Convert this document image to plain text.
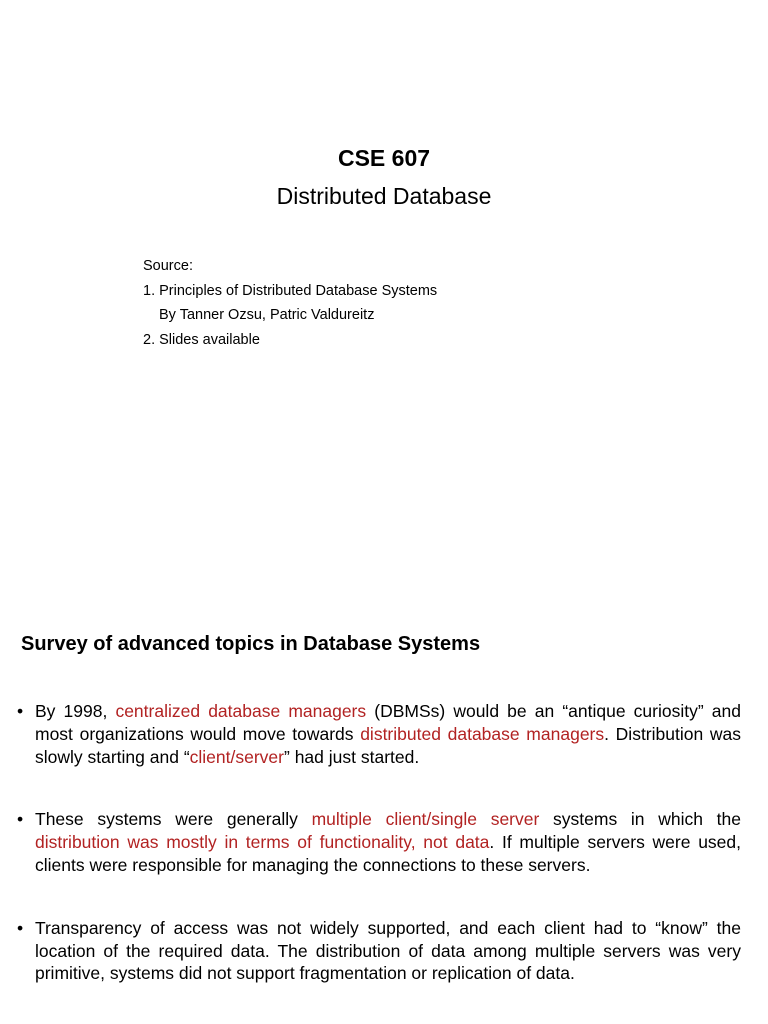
CSE 607
Distributed Database
Source:
1. Principles of Distributed Database Systems
By Tanner Ozsu, Patric Valdureitz
2. Slides available
Survey of advanced topics in Database Systems
• By 1998, centralized database managers (DBMSs) would be an “antique curiosity” and most organizations would move towards distributed database managers. Distribution was slowly starting and “client/server” had just started.
• These systems were generally multiple client/single server systems in which the distribution was mostly in terms of functionality, not data. If multiple servers were used, clients were responsible for managing the connections to these servers.
• Transparency of access was not widely supported, and each client had to “know” the location of the required data. The distribution of data among multiple servers was very primitive, systems did not support fragmentation or replication of data.
